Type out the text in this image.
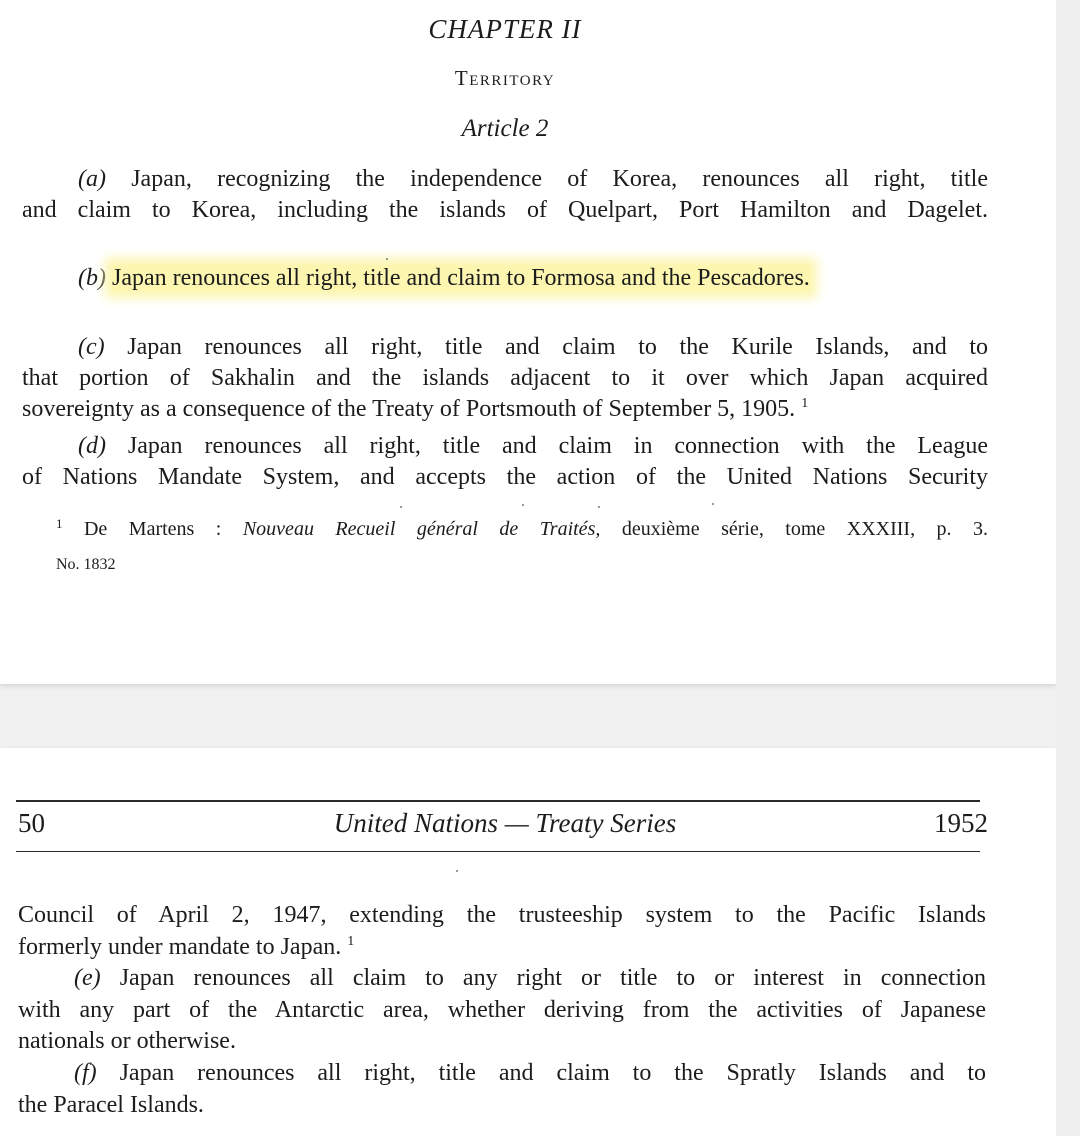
CHAPTER II
TERRITORY
Article 2
(a) Japan, recognizing the independence of Korea, renounces all right, title
and claim to Korea, including the islands of Quelpart, Port Hamilton and Dagelet.
(b) Japan renounces all right, title and claim to Formosa and the Pescadores.
(c) Japan renounces all right, title and claim to the Kurile Islands, and to
that portion of Sakhalin and the islands adjacent to it over which Japan acquired
sovereignty as a consequence of the Treaty of Portsmouth of September 5, 1905. $^1$
(d) Japan renounces all right, title and claim in connection with the League
of Nations Mandate System, and accepts the action of the United Nations Security
$^1$ De Martens : Nouveau Recueil général de Traités, deuxième série, tome XXXIII, p. 3.
No. 1832
50	United Nations — Treaty Series	1952
Council of April 2, 1947, extending the trusteeship system to the Pacific Islands
formerly under mandate to Japan. $^1$
(e) Japan renounces all claim to any right or title to or interest in connection
with any part of the Antarctic area, whether deriving from the activities of Japanese
nationals or otherwise.
(f) Japan renounces all right, title and claim to the Spratly Islands and to
the Paracel Islands.
